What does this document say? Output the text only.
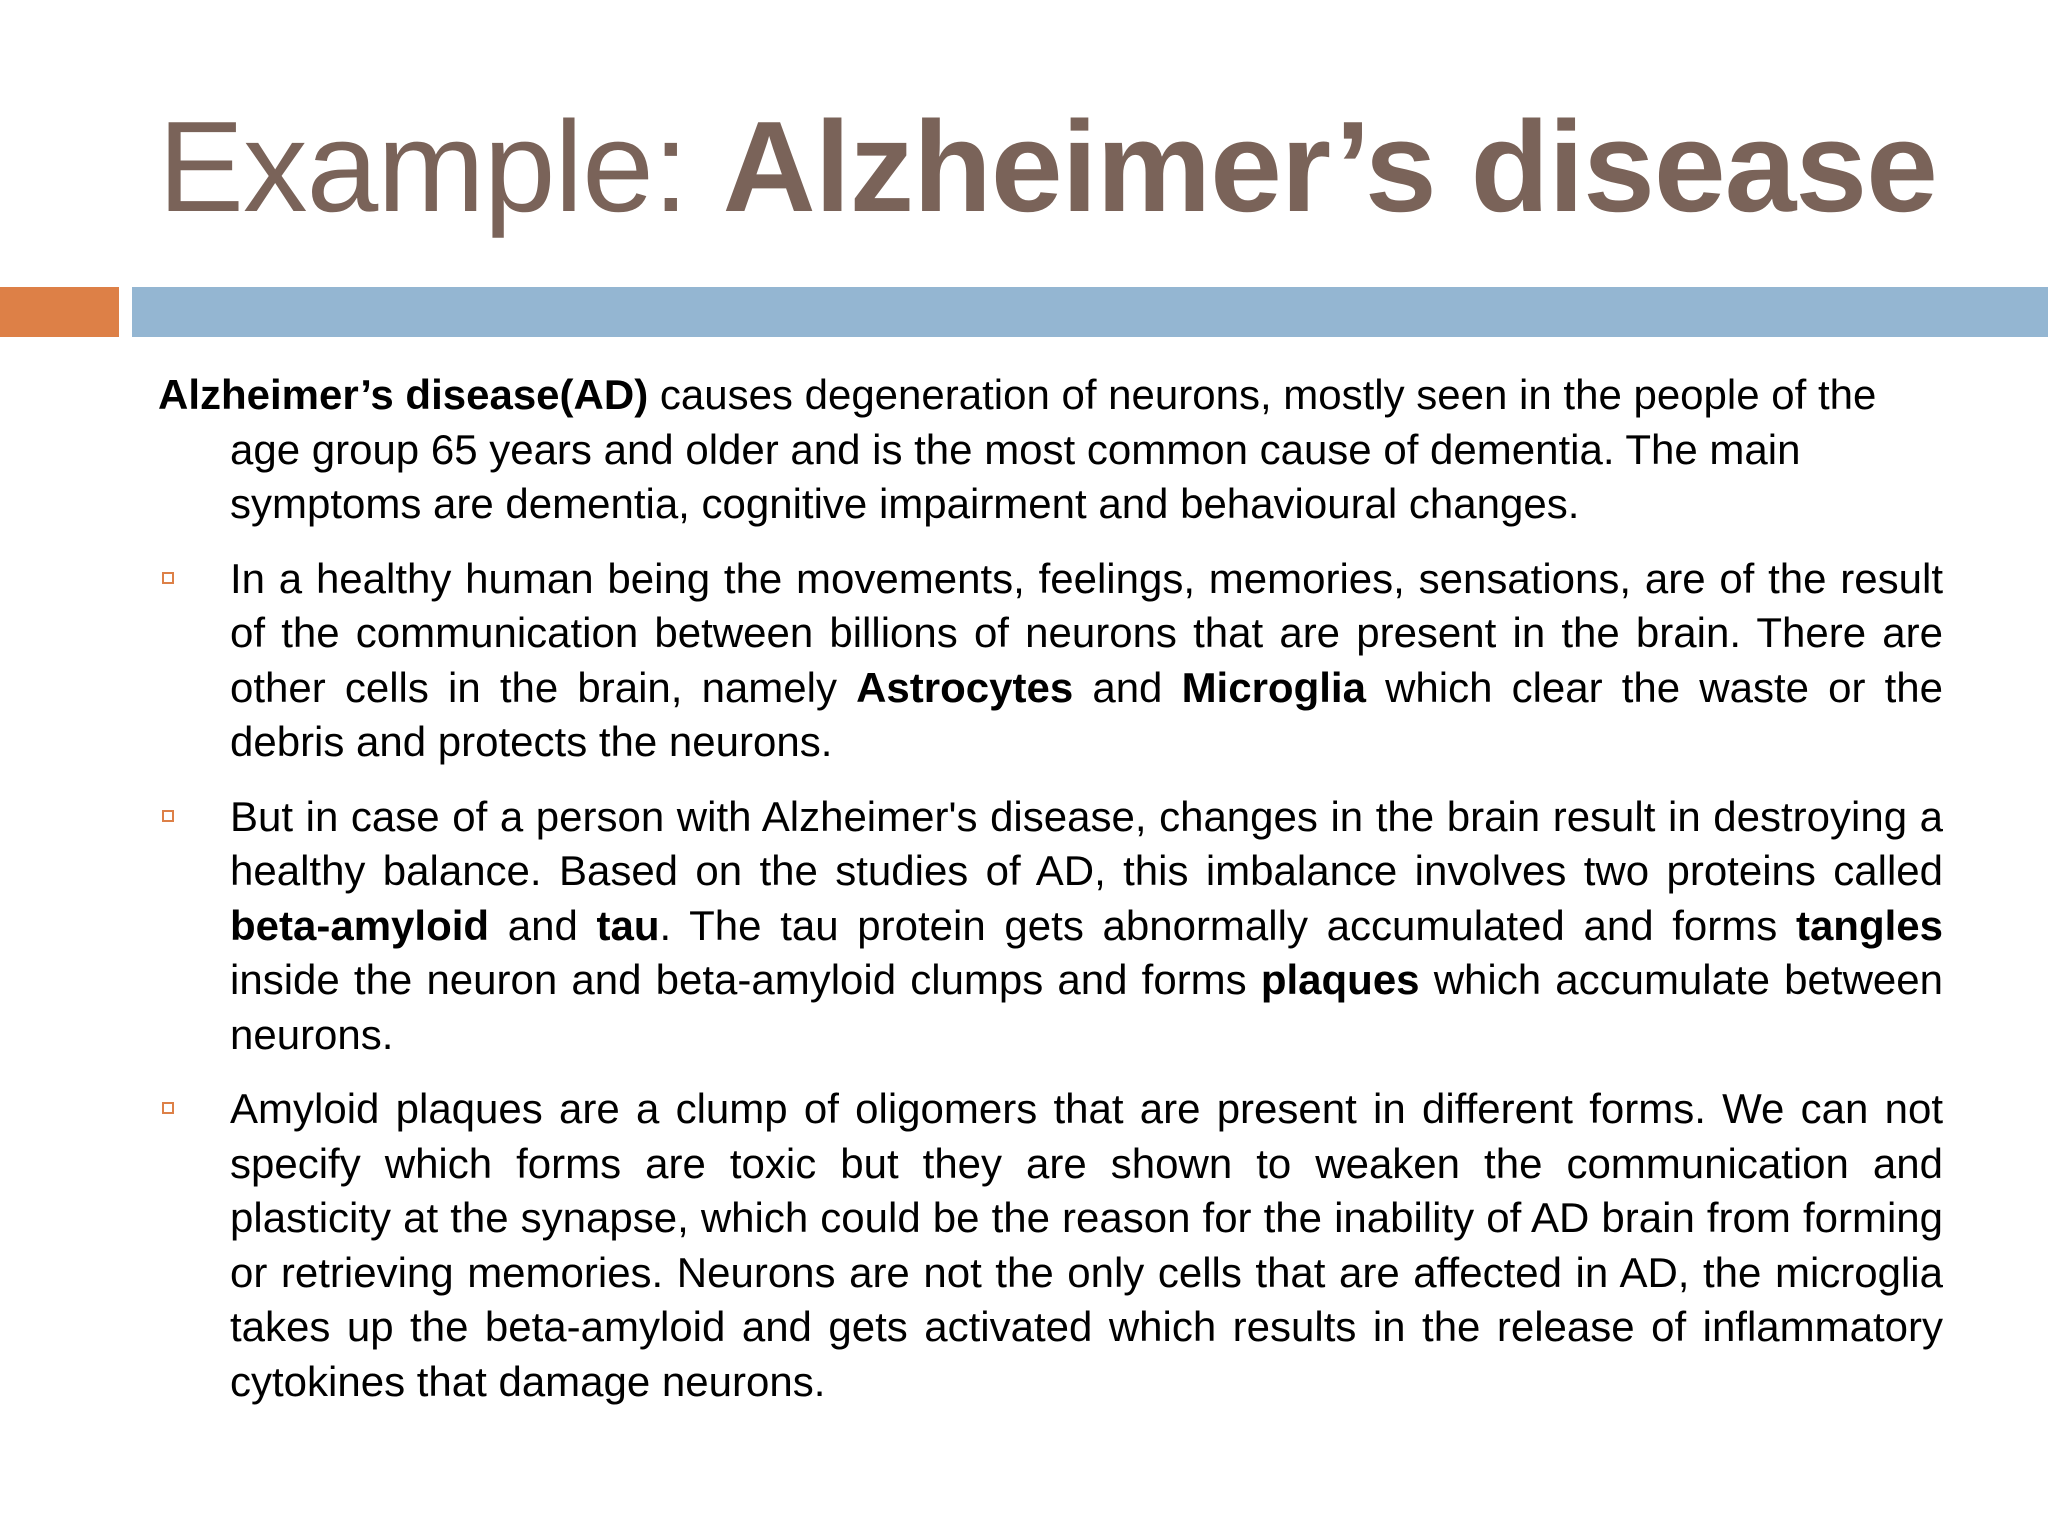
Example: Alzheimer’s disease

Alzheimer’s disease(AD) causes degeneration of neurons, mostly seen in the people of the age group 65 years and older and is the most common cause of dementia. The main symptoms are dementia, cognitive impairment and behavioural changes.

In a healthy human being the movements, feelings, memories, sensations, are of the result of the communication between billions of neurons that are present in the brain. There are other cells in the brain, namely Astrocytes and Microglia which clear the waste or the debris and protects the neurons.
But in case of a person with Alzheimer's disease, changes in the brain result in destroying a healthy balance. Based on the studies of AD, this imbalance involves two proteins called beta-amyloid and tau. The tau protein gets abnormally accumulated and forms tangles inside the neuron and beta-amyloid clumps and forms plaques which accumulate between neurons.
Amyloid plaques are a clump of oligomers that are present in different forms. We can not specify which forms are toxic but they are shown to weaken the communication and plasticity at the synapse, which could be the reason for the inability of AD brain from forming or retrieving memories. Neurons are not the only cells that are affected in AD, the microglia takes up the beta-amyloid and gets activated which results in the release of inflammatory cytokines that damage neurons.
